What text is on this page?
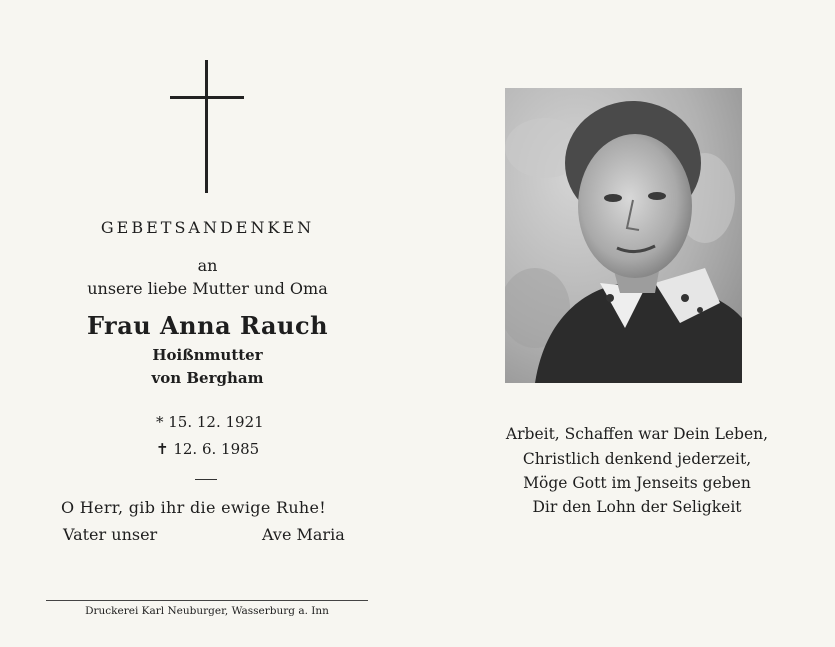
GEBETSANDENKEN
an
unsere liebe Mutter und Oma
Frau Anna Rauch
Hoißnmutter
von Bergham
* 15. 12. 1921
✝ 12. 6. 1985
O Herr, gib ihr die ewige Ruhe!
Vater unser	Ave Maria
Druckerei Karl Neuburger, Wasserburg a. Inn
Arbeit, Schaffen war Dein Leben,
Christlich denkend jederzeit,
Möge Gott im Jenseits geben
Dir den Lohn der Seligkeit
